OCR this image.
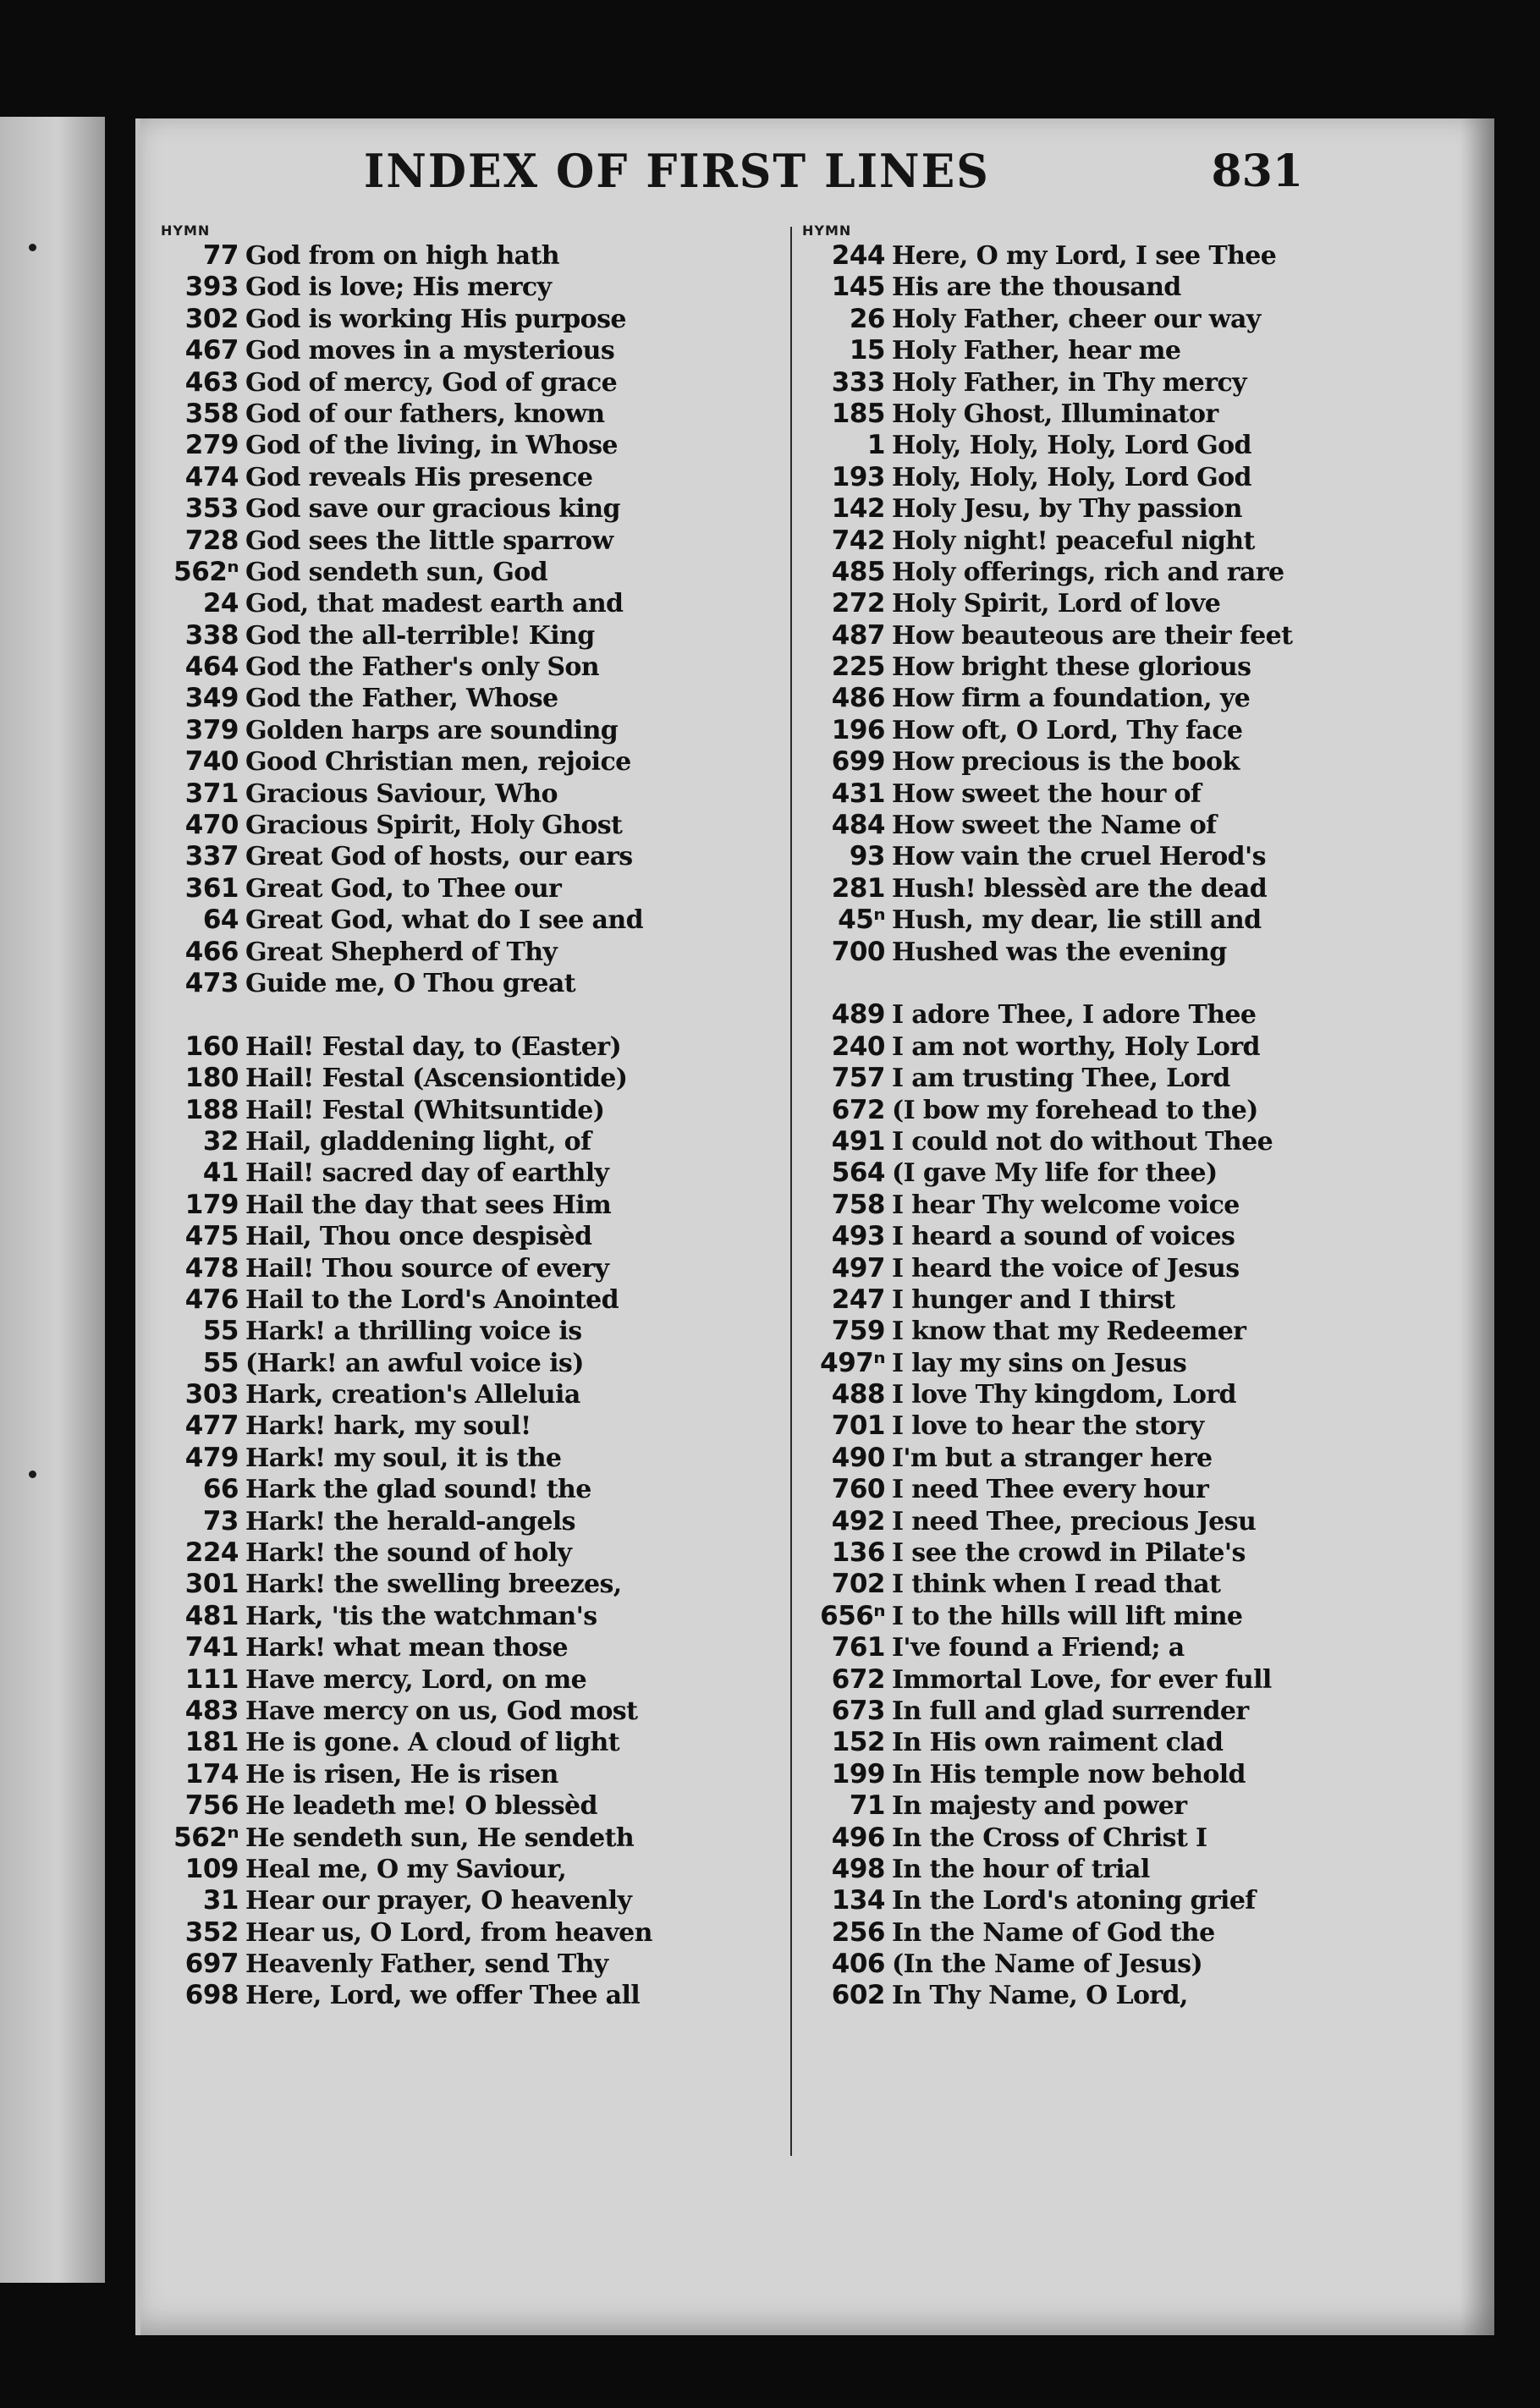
INDEX OF FIRST LINES	831
HYMN
77 God from on high hath
393 God is love; His mercy
302 God is working His purpose
467 God moves in a mysterious
463 God of mercy, God of grace
358 God of our fathers, known
279 God of the living, in Whose
474 God reveals His presence
353 God save our gracious king
728 God sees the little sparrow
562ⁿ God sendeth sun, God
24 God, that madest earth and
338 God the all-terrible! King
464 God the Father's only Son
349 God the Father, Whose
379 Golden harps are sounding
740 Good Christian men, rejoice
371 Gracious Saviour, Who
470 Gracious Spirit, Holy Ghost
337 Great God of hosts, our ears
361 Great God, to Thee our
64 Great God, what do I see and
466 Great Shepherd of Thy
473 Guide me, O Thou great
160 Hail! Festal day, to (Easter)
180 Hail! Festal (Ascensiontide)
188 Hail! Festal (Whitsuntide)
32 Hail, gladdening light, of
41 Hail! sacred day of earthly
179 Hail the day that sees Him
475 Hail, Thou once despisèd
478 Hail! Thou source of every
476 Hail to the Lord's Anointed
55 Hark! a thrilling voice is
55 (Hark! an awful voice is)
303 Hark, creation's Alleluia
477 Hark! hark, my soul!
479 Hark! my soul, it is the
66 Hark the glad sound! the
73 Hark! the herald-angels
224 Hark! the sound of holy
301 Hark! the swelling breezes,
481 Hark, 'tis the watchman's
741 Hark! what mean those
111 Have mercy, Lord, on me
483 Have mercy on us, God most
181 He is gone. A cloud of light
174 He is risen, He is risen
756 He leadeth me! O blessèd
562ⁿ He sendeth sun, He sendeth
109 Heal me, O my Saviour,
31 Hear our prayer, O heavenly
352 Hear us, O Lord, from heaven
697 Heavenly Father, send Thy
698 Here, Lord, we offer Thee all
HYMN
244 Here, O my Lord, I see Thee
145 His are the thousand
26 Holy Father, cheer our way
15 Holy Father, hear me
333 Holy Father, in Thy mercy
185 Holy Ghost, Illuminator
1 Holy, Holy, Holy, Lord God
193 Holy, Holy, Holy, Lord God
142 Holy Jesu, by Thy passion
742 Holy night! peaceful night
485 Holy offerings, rich and rare
272 Holy Spirit, Lord of love
487 How beauteous are their feet
225 How bright these glorious
486 How firm a foundation, ye
196 How oft, O Lord, Thy face
699 How precious is the book
431 How sweet the hour of
484 How sweet the Name of
93 How vain the cruel Herod's
281 Hush! blessèd are the dead
45ⁿ Hush, my dear, lie still and
700 Hushed was the evening
489 I adore Thee, I adore Thee
240 I am not worthy, Holy Lord
757 I am trusting Thee, Lord
672 (I bow my forehead to the)
491 I could not do without Thee
564 (I gave My life for thee)
758 I hear Thy welcome voice
493 I heard a sound of voices
497 I heard the voice of Jesus
247 I hunger and I thirst
759 I know that my Redeemer
497ⁿ I lay my sins on Jesus
488 I love Thy kingdom, Lord
701 I love to hear the story
490 I'm but a stranger here
760 I need Thee every hour
492 I need Thee, precious Jesu
136 I see the crowd in Pilate's
702 I think when I read that
656ⁿ I to the hills will lift mine
761 I've found a Friend; a
672 Immortal Love, for ever full
673 In full and glad surrender
152 In His own raiment clad
199 In His temple now behold
71 In majesty and power
496 In the Cross of Christ I
498 In the hour of trial
134 In the Lord's atoning grief
256 In the Name of God the
406 (In the Name of Jesus)
602 In Thy Name, O Lord,
